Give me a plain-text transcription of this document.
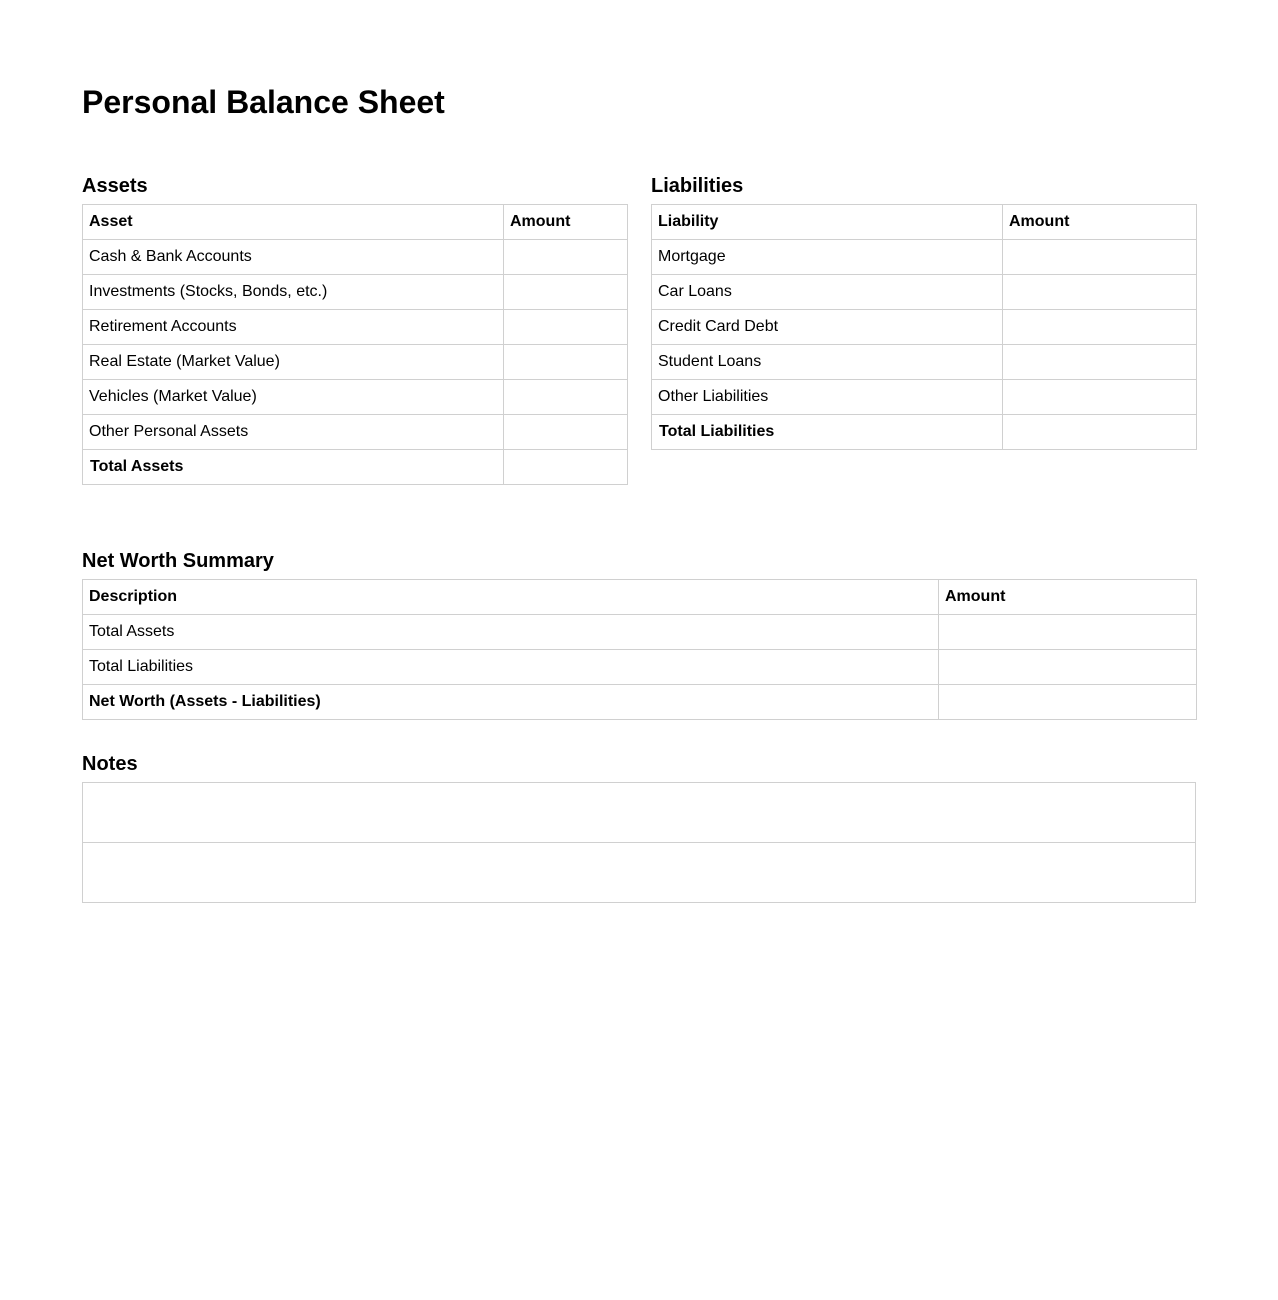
Personal Balance Sheet
Assets
Asset	Amount
Cash & Bank Accounts	
Investments (Stocks, Bonds, etc.)	
Retirement Accounts	
Real Estate (Market Value)	
Vehicles (Market Value)	
Other Personal Assets	
Total Assets	
Liabilities
Liability	Amount
Mortgage	
Car Loans	
Credit Card Debt	
Student Loans	
Other Liabilities	
Total Liabilities	
Net Worth Summary
Description	Amount
Total Assets	
Total Liabilities	
Net Worth (Assets - Liabilities)	
Notes
